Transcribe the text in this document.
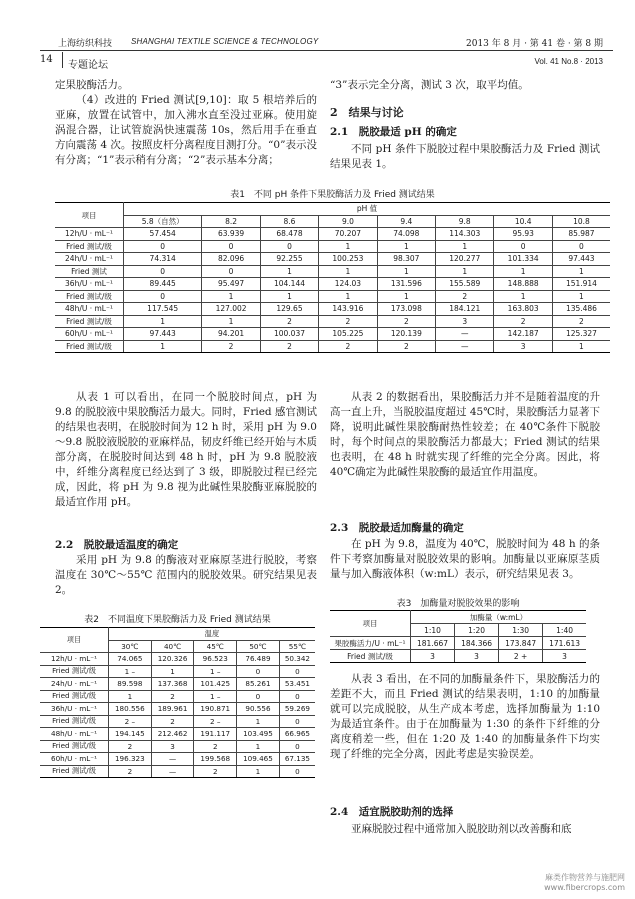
上海纺织科技 SHANGHAI TEXTILE SCIENCE & TECHNOLOGY	2013 年 8 月 · 第 41 卷 · 第 8 期
14
专题论坛	Vol. 41 No.8 · 2013

定果胶酶活力。

（4）改进的 Fried 测试[9,10]：取 5 根培养后的亚麻，放置在试管中，加入沸水直至没过亚麻。使用旋涡混合器，让试管旋涡快速震荡 10s，然后用手在垂直方向震荡 4 次。按照皮杆分离程度目测打分。“0”表示没有分离；“1”表示稍有分离；“2”表示基本分离；

“3”表示完全分离，测试 3 次，取平均值。

2　结果与讨论
2.1　脱胶最适 pH 的确定
不同 pH 条件下脱胶过程中果胶酶活力及 Fried 测试结果见表 1。
表1　不同 pH 条件下果胶酶活力及 Fried 测试结果
项目	pH 值							
	5.8（自然）	8.2	8.6	9.0	9.4	9.8	10.4	10.8
12h/U · mL⁻¹	57.454	63.939	68.478	70.207	74.098	114.303	95.93	85.987
Fried 测试/级	0	0	0	1	1	1	0	0
24h/U · mL⁻¹	74.314	82.096	92.255	100.253	98.307	120.277	101.334	97.443
Fried 测试	0	0	1	1	1	1	1	1
36h/U · mL⁻¹	89.445	95.497	104.144	124.03	131.596	155.589	148.888	151.914
Fried 测试/级	0	1	1	1	1	2	1	1
48h/U · mL⁻¹	117.545	127.002	129.65	143.916	173.098	184.121	163.803	135.486
Fried 测试/级	1	1	2	2	2	3	2	2
60h/U · mL⁻¹	97.443	94.201	100.037	105.225	120.139	—	142.187	125.327
Fried 测试/级	1	2	2	2	2	—	3	1
从表 1 可以看出，在同一个脱胶时间点，pH 为 9.8 的脱胶液中果胶酶活力最大。同时，Fried 感官测试的结果也表明，在脱胶时间为 12 h 时，采用 pH 为 9.0～9.8 脱胶液脱胶的亚麻样品，韧皮纤维已经开始与木质部分离，在脱胶时间达到 48 h 时，pH 为 9.8 脱胶液中，纤维分离程度已经达到了 3 级，即脱胶过程已经完成，因此，将 pH 为 9.8 视为此碱性果胶酶亚麻脱胶的最适宜作用 pH。
2.2　脱胶最适温度的确定
采用 pH 为 9.8 的酶液对亚麻原茎进行脱胶，考察温度在 30℃～55℃ 范围内的脱胶效果。研究结果见表 2。
表2　不同温度下果胶酶活力及 Fried 测试结果
项目	温度				
	30℃	40℃	45℃	50℃	55℃
12h/U · mL⁻¹	74.065	120.326	96.523	76.489	50.342
Fried 测试/级	1 –	1	1 –	0	0
24h/U · mL⁻¹	89.598	137.368	101.425	85.261	53.451
Fried 测试/级	1	2	1 –	0	0
36h/U · mL⁻¹	180.556	189.961	190.871	90.556	59.269
Fried 测试/级	2 –	2	2 –	1	0
48h/U · mL⁻¹	194.145	212.462	191.117	103.495	66.965
Fried 测试/级	2	3	2	1	0
60h/U · mL⁻¹	196.323	—	199.568	109.465	67.135
Fried 测试/级	2	—	2	1	0
从表 2 的数据看出，果胶酶活力并不是随着温度的升高一直上升，当脱胶温度超过 45℃时，果胶酶活力显著下降，说明此碱性果胶酶耐热性较差；在 40℃条件下脱胶时，每个时间点的果胶酶活力都最大；Fried 测试的结果也表明，在 48 h 时就实现了纤维的完全分离。因此，将 40℃确定为此碱性果胶酶的最适宜作用温度。
2.3　脱胶最适加酶量的确定
在 pH 为 9.8，温度为 40℃，脱胶时间为 48 h 的条件下考察加酶量对脱胶效果的影响。加酶量以亚麻原茎质量与加入酶液体积（w:mL）表示，研究结果见表 3。
表3　加酶量对脱胶效果的影响
项目	加酶量（w:mL）			
	1:10	1:20	1:30	1:40
果胶酶活力/U · mL⁻¹	181.667	184.366	173.847	171.613
Fried 测试/级	3	3	2 +	3
从表 3 看出，在不同的加酶量条件下，果胶酶活力的差距不大，而且 Fried 测试的结果表明，1:10 的加酶量就可以完成脱胶，从生产成本考虑，选择加酶量为 1:10 为最适宜条件。由于在加酶量为 1:30 的条件下纤维的分离度稍差一些，但在 1:20 及 1:40 的加酶量条件下均实现了纤维的完全分离，因此考虑是实验误差。
2.4　适宜脱胶助剂的选择
亚麻脱胶过程中通常加入脱胶助剂以改善酶和底
麻类作物营养与施肥网
www.fibercrops.com
